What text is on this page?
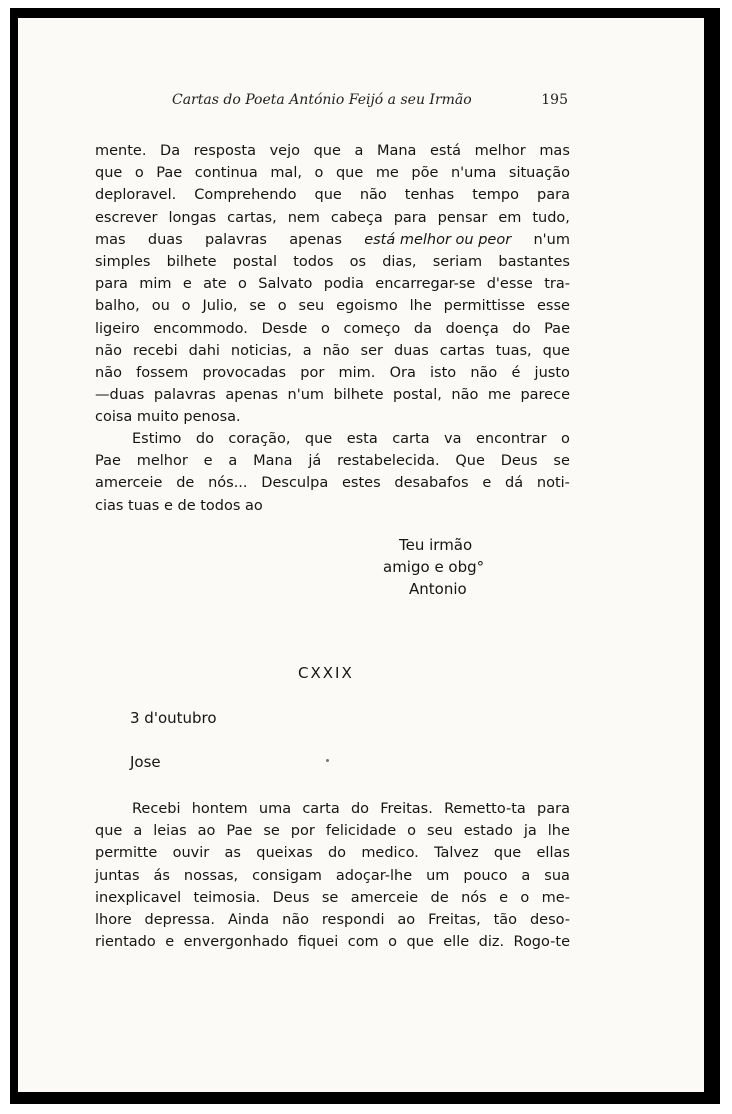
Cartas do Poeta António Feijó a seu Irmão	195
mente. Da resposta vejo que a Mana está melhor mas
que o Pae continua mal, o que me põe n'uma situação
deploravel. Comprehendo que não tenhas tempo para
escrever longas cartas, nem cabeça para pensar em tudo,
mas duas palavras apenas está melhor ou peor n'um
simples bilhete postal todos os dias, seriam bastantes
para mim e ate o Salvato podia encarregar-se d'esse tra-
balho, ou o Julio, se o seu egoismo lhe permittisse esse
ligeiro encommodo. Desde o começo da doença do Pae
não recebi dahi noticias, a não ser duas cartas tuas, que
não fossem provocadas por mim. Ora isto não é justo
—duas palavras apenas n'um bilhete postal, não me parece
coisa muito penosa.
Estimo do coração, que esta carta va encontrar o
Pae melhor e a Mana já restabelecida. Que Deus se
amerceie de nós... Desculpa estes desabafos e dá noti-
cias tuas e de todos ao
Teu irmão
amigo e obg°
Antonio
CXXIX
3 d'outubro
Jose
Recebi hontem uma carta do Freitas. Remetto-ta para
que a leias ao Pae se por felicidade o seu estado ja lhe
permitte ouvir as queixas do medico. Talvez que ellas
juntas ás nossas, consigam adoçar-lhe um pouco a sua
inexplicavel teimosia. Deus se amerceie de nós e o me-
lhore depressa. Ainda não respondi ao Freitas, tão deso-
rientado e envergonhado fiquei com o que elle diz. Rogo-te
